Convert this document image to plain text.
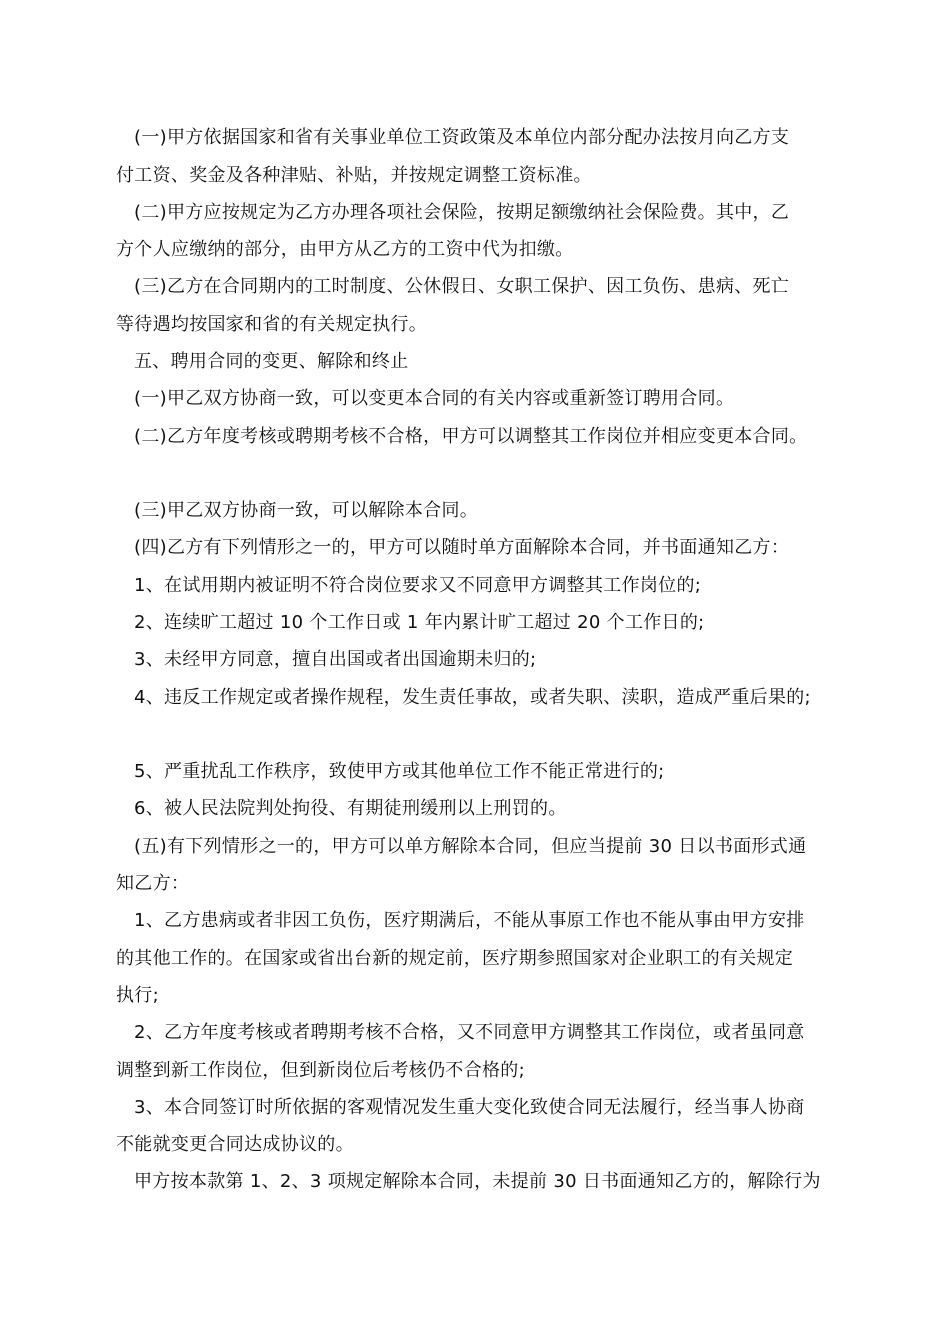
(一)甲方依据国家和省有关事业单位工资政策及本单位内部分配办法按月向乙方支
付工资、奖金及各种津贴、补贴，并按规定调整工资标准。
(二)甲方应按规定为乙方办理各项社会保险，按期足额缴纳社会保险费。其中，乙
方个人应缴纳的部分，由甲方从乙方的工资中代为扣缴。
(三)乙方在合同期内的工时制度、公休假日、女职工保护、因工负伤、患病、死亡
等待遇均按国家和省的有关规定执行。
五、聘用合同的变更、解除和终止
(一)甲乙双方协商一致，可以变更本合同的有关内容或重新签订聘用合同。
(二)乙方年度考核或聘期考核不合格，甲方可以调整其工作岗位并相应变更本合同。
(三)甲乙双方协商一致，可以解除本合同。
(四)乙方有下列情形之一的，甲方可以随时单方面解除本合同，并书面通知乙方：
1、在试用期内被证明不符合岗位要求又不同意甲方调整其工作岗位的;
2、连续旷工超过 10 个工作日或 1 年内累计旷工超过 20 个工作日的;
3、未经甲方同意，擅自出国或者出国逾期未归的;
4、违反工作规定或者操作规程，发生责任事故，或者失职、渎职，造成严重后果的;
5、严重扰乱工作秩序，致使甲方或其他单位工作不能正常进行的;
6、被人民法院判处拘役、有期徒刑缓刑以上刑罚的。
(五)有下列情形之一的，甲方可以单方解除本合同，但应当提前 30 日以书面形式通
知乙方：
1、乙方患病或者非因工负伤，医疗期满后，不能从事原工作也不能从事由甲方安排
的其他工作的。在国家或省出台新的规定前，医疗期参照国家对企业职工的有关规定
执行;
2、乙方年度考核或者聘期考核不合格，又不同意甲方调整其工作岗位，或者虽同意
调整到新工作岗位，但到新岗位后考核仍不合格的;
3、本合同签订时所依据的客观情况发生重大变化致使合同无法履行，经当事人协商
不能就变更合同达成协议的。
甲方按本款第 1、2、3 项规定解除本合同，未提前 30 日书面通知乙方的，解除行为
